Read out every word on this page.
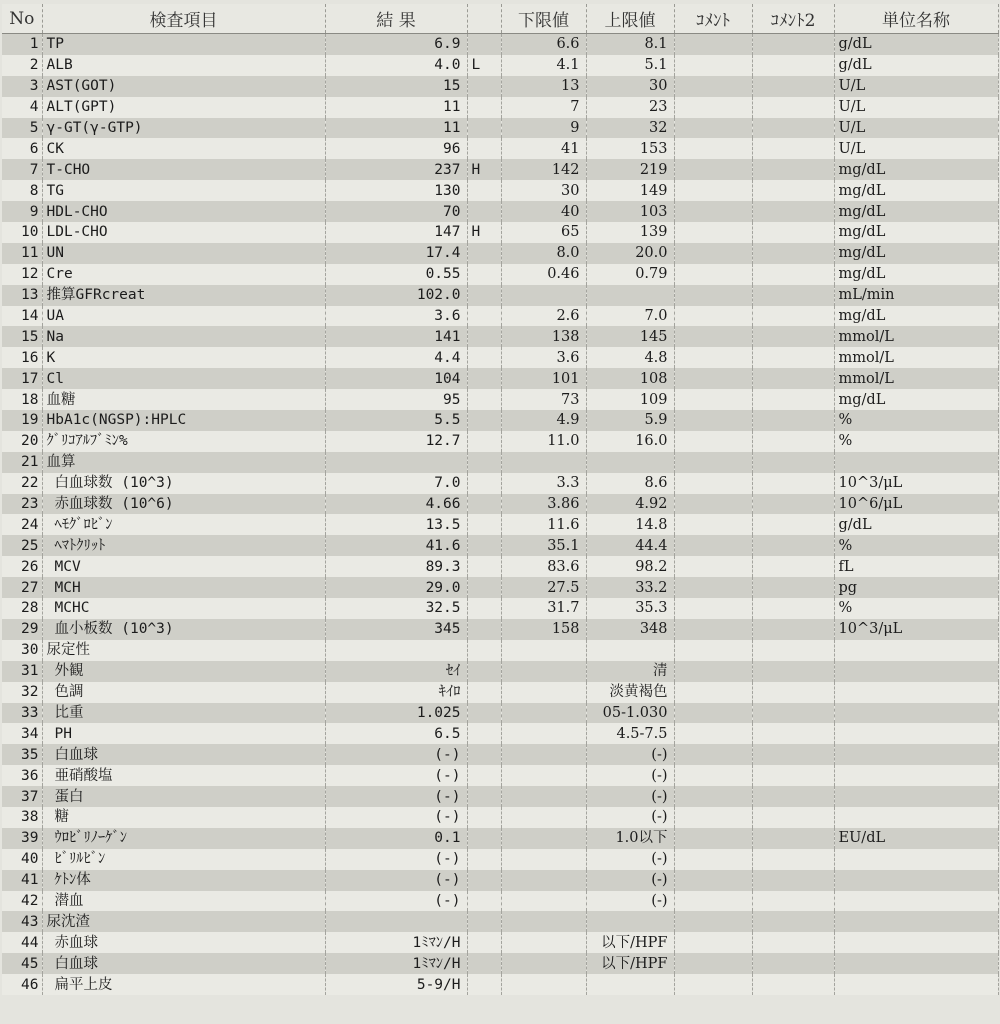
No	検査項目	結 果		下限値	上限値	ｺﾒﾝﾄ	ｺﾒﾝﾄ2	単位名称
1	TP	6.9		6.6	8.1			g/dL
2	ALB	4.0	L	4.1	5.1			g/dL
3	AST(GOT)	15		13	30			U/L
4	ALT(GPT)	11		7	23			U/L
5	γ-GT(γ-GTP)	11		9	32			U/L
6	CK	96		41	153			U/L
7	T-CHO	237	H	142	219			mg/dL
8	TG	130		30	149			mg/dL
9	HDL-CHO	70		40	103			mg/dL
10	LDL-CHO	147	H	65	139			mg/dL
11	UN	17.4		8.0	20.0			mg/dL
12	Cre	0.55		0.46	0.79			mg/dL
13	推算GFRcreat	102.0						mL/min
14	UA	3.6		2.6	7.0			mg/dL
15	Na	141		138	145			mmol/L
16	K	4.4		3.6	4.8			mmol/L
17	Cl	104		101	108			mmol/L
18	血糖	95		73	109			mg/dL
19	HbA1c(NGSP):HPLC	5.5		4.9	5.9			%
20	ｸﾞﾘｺｱﾙﾌﾞﾐﾝ%	12.7		11.0	16.0			%
21	血算							
22	白血球数 (10^3)	7.0		3.3	8.6			10^3/μL
23	赤血球数 (10^6)	4.66		3.86	4.92			10^6/μL
24	ﾍﾓｸﾞﾛﾋﾞﾝ	13.5		11.6	14.8			g/dL
25	ﾍﾏﾄｸﾘｯﾄ	41.6		35.1	44.4			%
26	MCV	89.3		83.6	98.2			fL
27	MCH	29.0		27.5	33.2			pg
28	MCHC	32.5		31.7	35.3			%
29	血小板数 (10^3)	345		158	348			10^3/μL
30	尿定性							
31	外観	ｾｲ			清			
32	色調	ｷｲﾛ			淡黄褐色			
33	比重	1.025			05-1.030			
34	PH	6.5			4.5-7.5			
35	白血球	(-)			(-)			
36	亜硝酸塩	(-)			(-)			
37	蛋白	(-)			(-)			
38	糖	(-)			(-)			
39	ｳﾛﾋﾞﾘﾉｰｹﾞﾝ	0.1			1.0以下			EU/dL
40	ﾋﾞﾘﾙﾋﾞﾝ	(-)			(-)			
41	ｹﾄﾝ体	(-)			(-)			
42	潜血	(-)			(-)			
43	尿沈渣							
44	赤血球	1ﾐﾏﾝ/H			以下/HPF			
45	白血球	1ﾐﾏﾝ/H			以下/HPF			
46	扁平上皮	5-9/H						
